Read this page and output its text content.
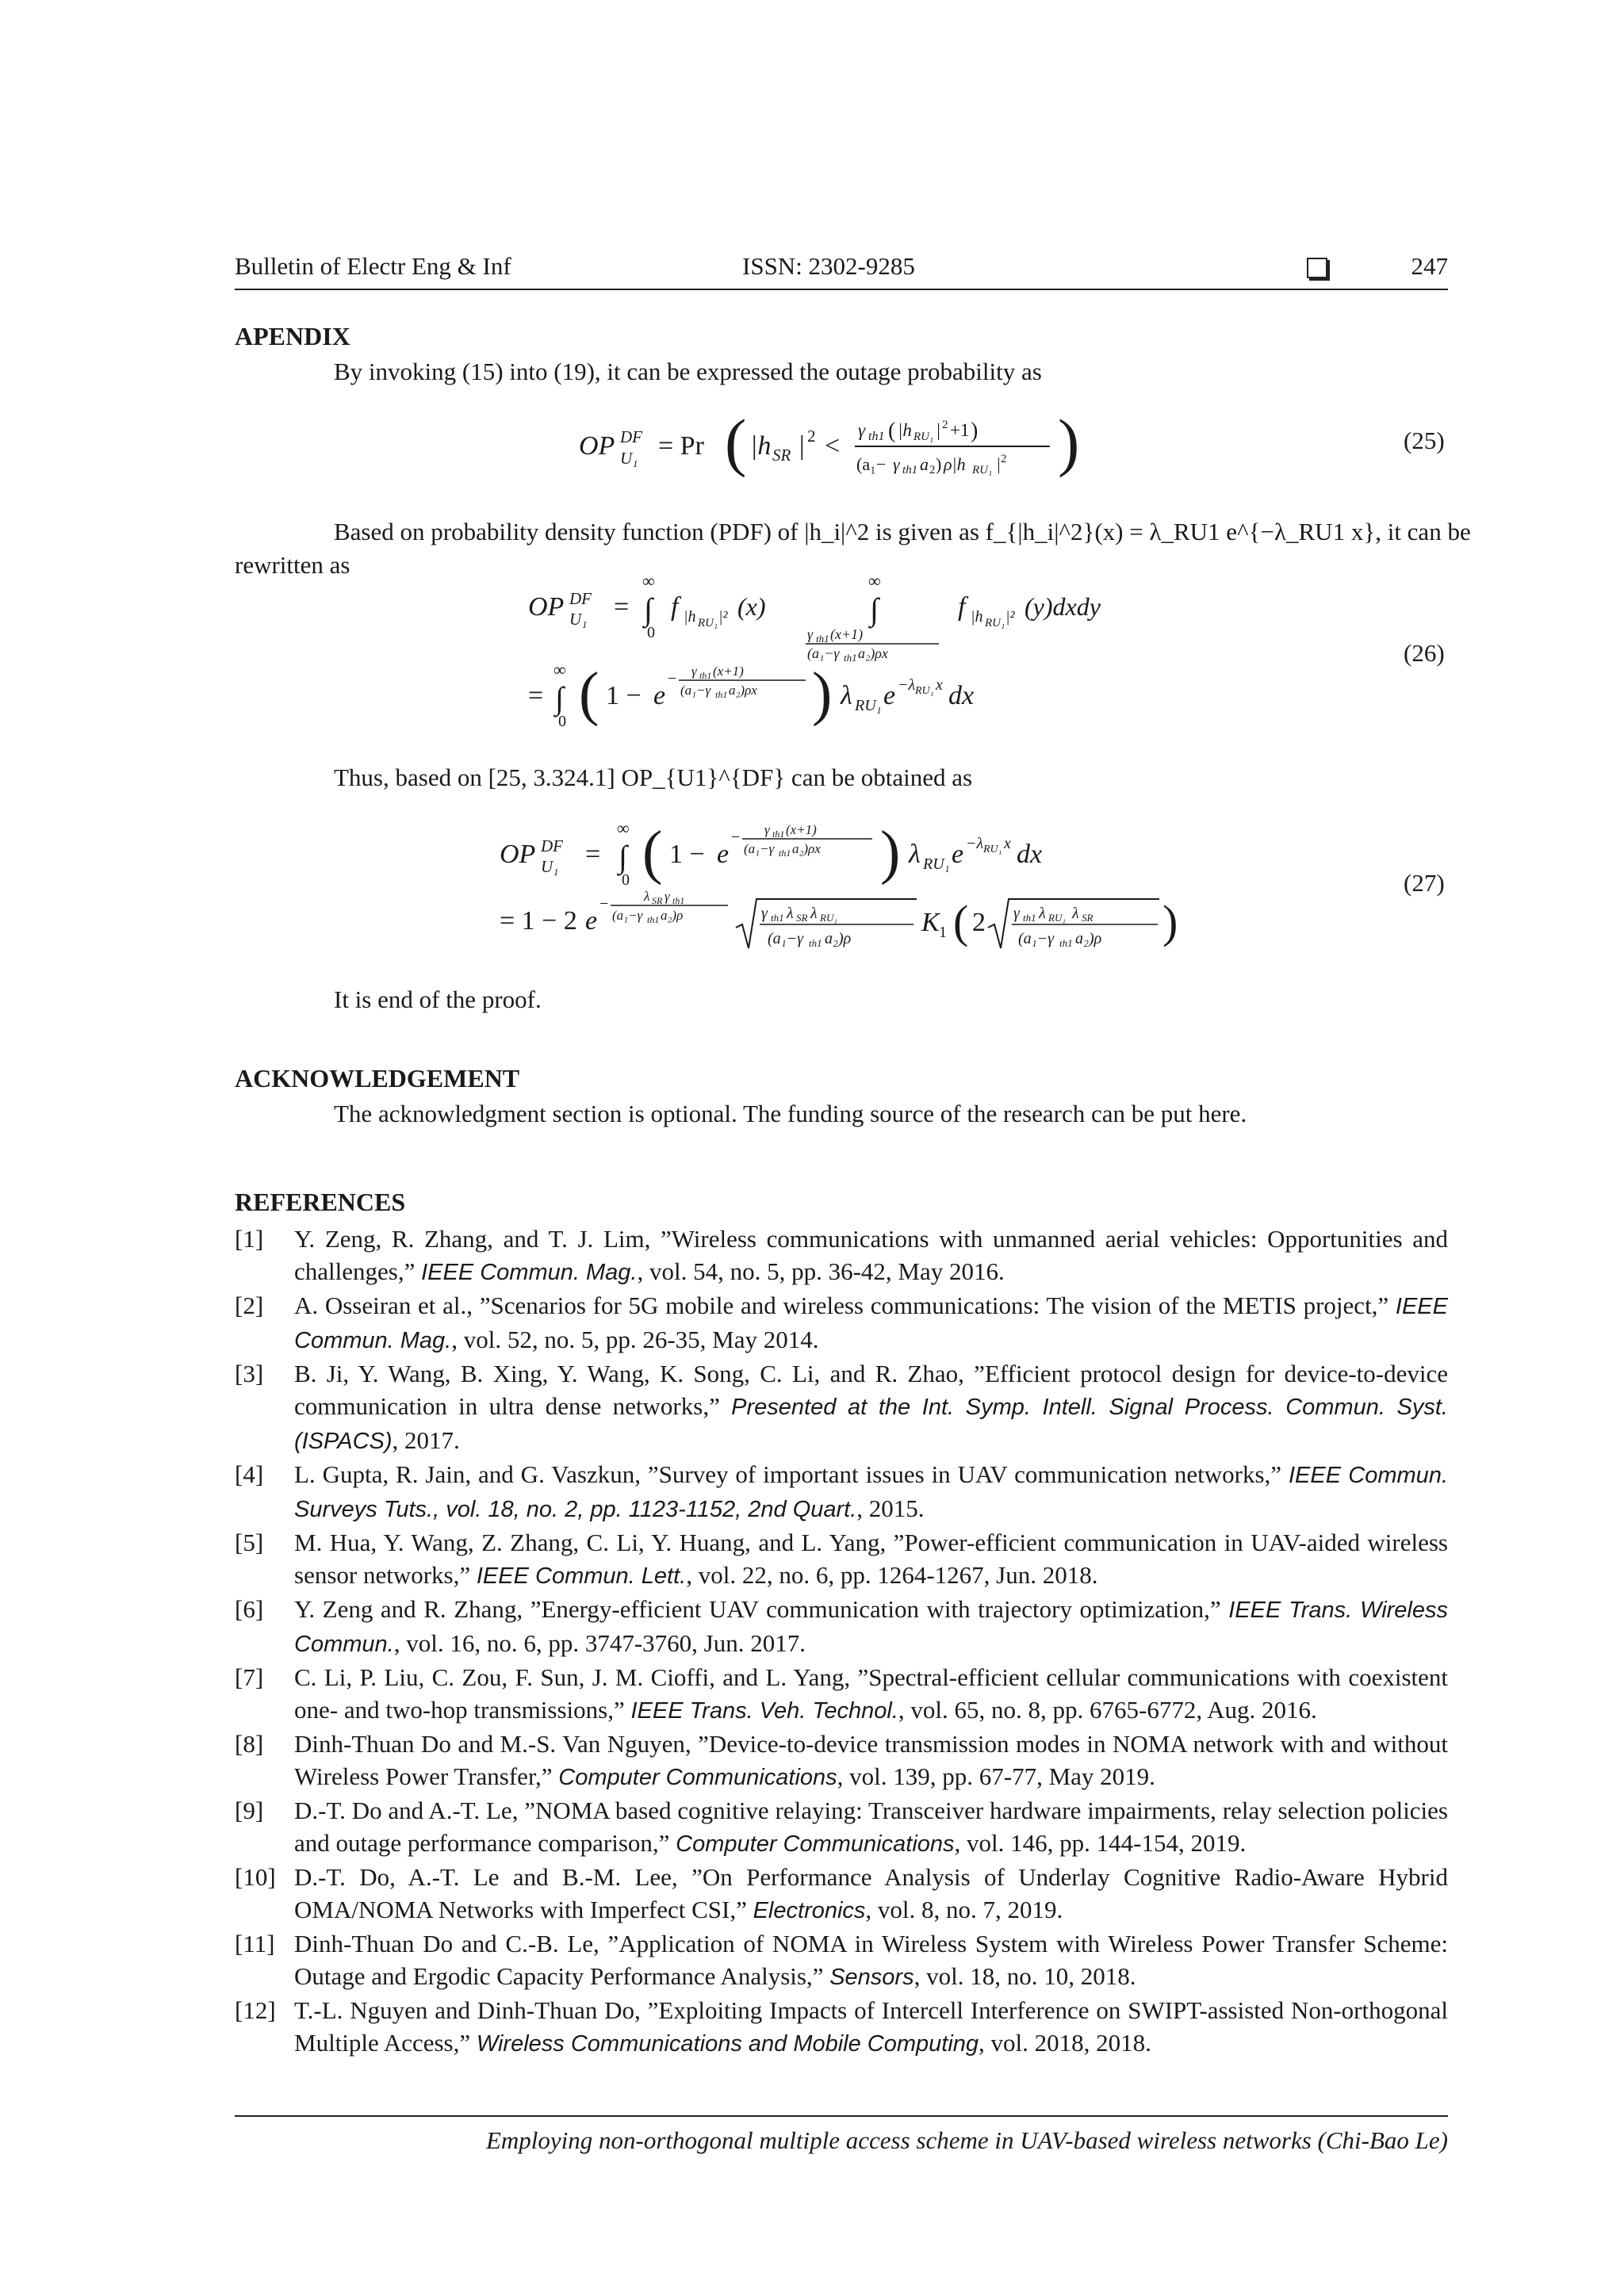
Bulletin of Electr Eng & Inf	ISSN: 2302-9285	247
APENDIX
By invoking (15) into (19), it can be expressed the outage probability as
OP DF
U₁ = Pr ( |h SR | 2 <
γ th1 ( |h RU₁ | 2 +1 )
(a₁− γ th1 a 2 ) ρ|h RU₁ | 2 )	(25)
Based on probability density function (PDF) of |h_i|^2 is given as f_{|h_i|^2}(x) = λ_RU1 e^{−λ_RU1 x}, it can be
rewritten as
OP DF
U₁ =
∞
∫
0
f |h RU₁ |² (x)
∞
∫
γ th1 (x+1)
(a₁−γ th1 a₂)ρx
f |h RU₁ |² (y)dxdy
=
∞
∫
0 ( 1 − e
− γ th1 (x+1)
(a₁−γ th1 a₂)ρx ) λ RU₁ e −λ RU₁ x dx
(26)
Thus, based on [25, 3.324.1] OP_{U1}^{DF} can be obtained as
OP DF
U₁ =
∞
∫
0 ( 1 − e
− γ th1 (x+1)
(a₁−γ th1 a₂)ρx ) λ RU₁ e −λ RU₁ x dx
= 1 − 2 e
−	λ SR γ th1
(a₁−γ th1 a₂)ρ	γ th1 λ SR λ RU₁
(a₁−γ th1 a₂)ρ
K 1 ( 2 γ th1 λ RU₁ λ SR
(a₁−γ th1 a₂)ρ )
(27)
It is end of the proof.
ACKNOWLEDGEMENT
The acknowledgment section is optional. The funding source of the research can be put here.
REFERENCES
[1] Y. Zeng, R. Zhang, and T. J. Lim, ”Wireless communications with unmanned aerial vehicles: Opportunities and challenges,” IEEE Commun. Mag., vol. 54, no. 5, pp. 36-42, May 2016.
[2] A. Osseiran et al., ”Scenarios for 5G mobile and wireless communications: The vision of the METIS project,” IEEE Commun. Mag., vol. 52, no. 5, pp. 26-35, May 2014.
[3] B. Ji, Y. Wang, B. Xing, Y. Wang, K. Song, C. Li, and R. Zhao, ”Efficient protocol design for device-to-device communication in ultra dense networks,” Presented at the Int. Symp. Intell. Signal Process. Commun. Syst. (ISPACS), 2017.
[4] L. Gupta, R. Jain, and G. Vaszkun, ”Survey of important issues in UAV communication networks,” IEEE Commun. Surveys Tuts., vol. 18, no. 2, pp. 1123-1152, 2nd Quart., 2015.
[5] M. Hua, Y. Wang, Z. Zhang, C. Li, Y. Huang, and L. Yang, ”Power-efficient communication in UAV-aided wireless sensor networks,” IEEE Commun. Lett., vol. 22, no. 6, pp. 1264-1267, Jun. 2018.
[6] Y. Zeng and R. Zhang, ”Energy-efficient UAV communication with trajectory optimization,” IEEE Trans. Wireless Commun., vol. 16, no. 6, pp. 3747-3760, Jun. 2017.
[7] C. Li, P. Liu, C. Zou, F. Sun, J. M. Cioffi, and L. Yang, ”Spectral-efficient cellular communications with coexistent one- and two-hop transmissions,” IEEE Trans. Veh. Technol., vol. 65, no. 8, pp. 6765-6772, Aug. 2016.
[8] Dinh-Thuan Do and M.-S. Van Nguyen, ”Device-to-device transmission modes in NOMA network with and without Wireless Power Transfer,” Computer Communications, vol. 139, pp. 67-77, May 2019.
[9] D.-T. Do and A.-T. Le, ”NOMA based cognitive relaying: Transceiver hardware impairments, relay selection policies and outage performance comparison,” Computer Communications, vol. 146, pp. 144-154, 2019.
[10] D.-T. Do, A.-T. Le and B.-M. Lee, ”On Performance Analysis of Underlay Cognitive Radio-Aware Hybrid OMA/NOMA Networks with Imperfect CSI,” Electronics, vol. 8, no. 7, 2019.
[11] Dinh-Thuan Do and C.-B. Le, ”Application of NOMA in Wireless System with Wireless Power Transfer Scheme: Outage and Ergodic Capacity Performance Analysis,” Sensors, vol. 18, no. 10, 2018.
[12] T.-L. Nguyen and Dinh-Thuan Do, ”Exploiting Impacts of Intercell Interference on SWIPT-assisted Non-orthogonal Multiple Access,” Wireless Communications and Mobile Computing, vol. 2018, 2018.
Employing non-orthogonal multiple access scheme in UAV-based wireless networks (Chi-Bao Le)
